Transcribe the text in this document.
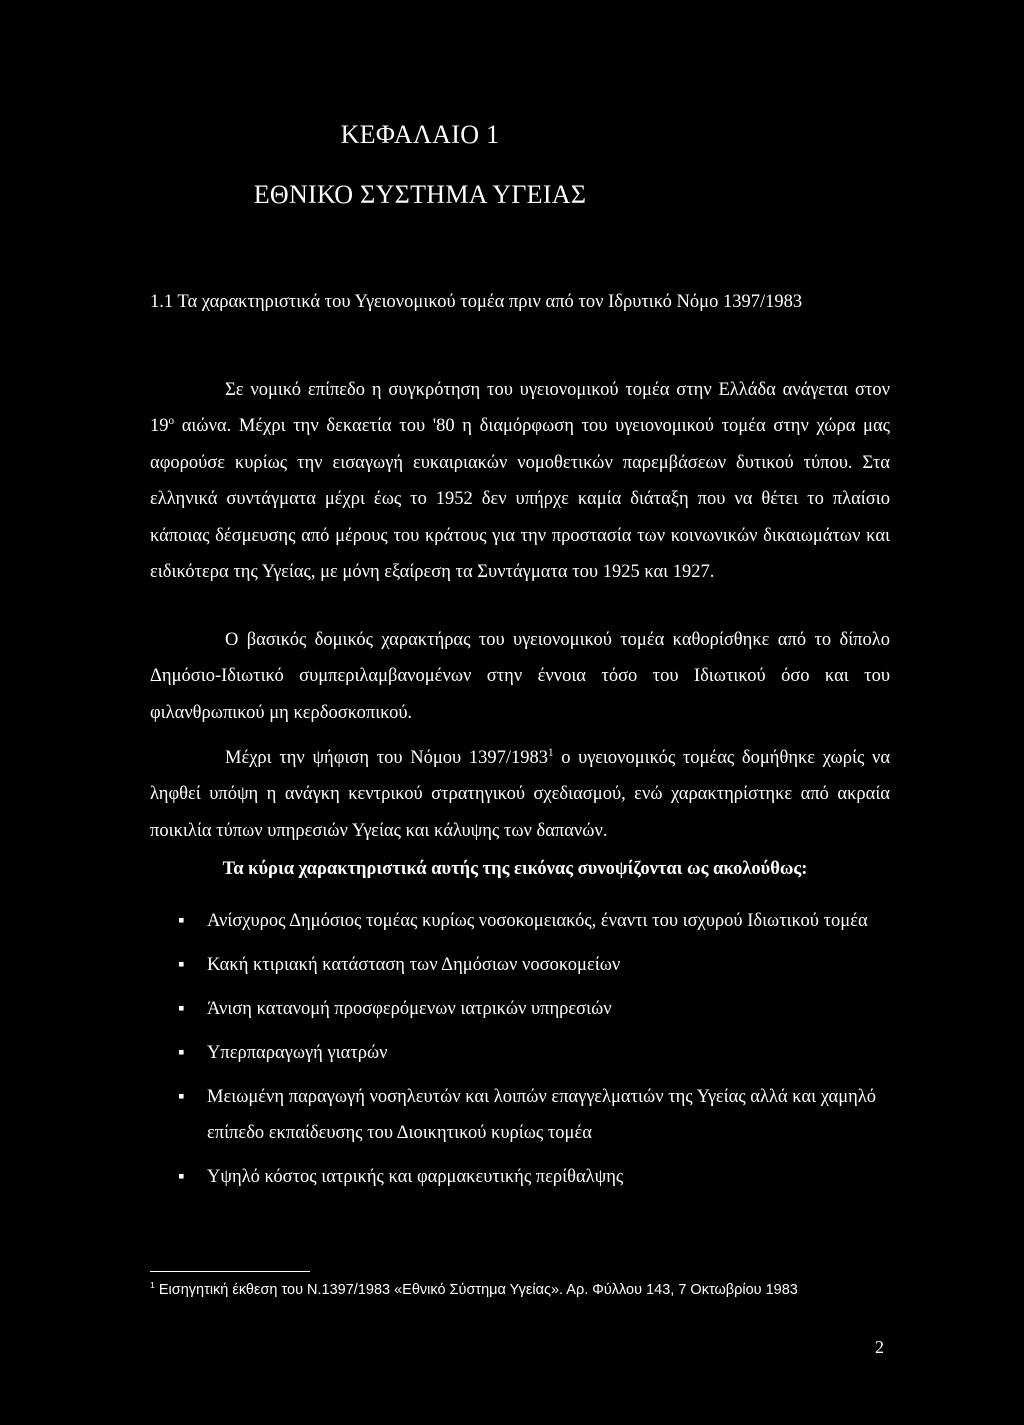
ΚΕΦΑΛΑΙΟ 1
ΕΘΝΙΚΟ ΣΥΣΤΗΜΑ ΥΓΕΙΑΣ
1.1 Τα χαρακτηριστικά του Υγειονομικού τομέα πριν από τον Ιδρυτικό Νόμο 1397/1983
Σε νομικό επίπεδο η συγκρότηση του υγειονομικού τομέα στην Ελλάδα ανάγεται στον $19^o$ αιώνα. Μέχρι την δεκαετία του '80 η διαμόρφωση του υγειονομικού τομέα στην χώρα μας αφορούσε κυρίως την εισαγωγή ευκαιριακών νομοθετικών παρεμβάσεων δυτικού τύπου. Στα ελληνικά συντάγματα μέχρι έως το 1952 δεν υπήρχε καμία διάταξη που να θέτει το πλαίσιο κάποιας δέσμευσης από μέρους του κράτους για την προστασία των κοινωνικών δικαιωμάτων και ειδικότερα της Υγείας, με μόνη εξαίρεση τα Συντάγματα του 1925 και 1927.
Ο βασικός δομικός χαρακτήρας του υγειονομικού τομέα καθορίσθηκε από το δίπολο Δημόσιο-Ιδιωτικό συμπεριλαμβανομένων στην έννοια τόσο του Ιδιωτικού όσο και του φιλανθρωπικού μη κερδοσκοπικού.
Μέχρι την ψήφιση του Νόμου 1397/1983$^1$ ο υγειονομικός τομέας δομήθηκε χωρίς να ληφθεί υπόψη η ανάγκη κεντρικού στρατηγικού σχεδιασμού, ενώ χαρακτηρίστηκε από ακραία ποικιλία τύπων υπηρεσιών Υγείας και κάλυψης των δαπανών.
Τα κύρια χαρακτηριστικά αυτής της εικόνας συνοψίζονται ως ακολούθως:
▪ Ανίσχυρος Δημόσιος τομέας κυρίως νοσοκομειακός, έναντι του ισχυρού Ιδιωτικού τομέα
▪ Κακή κτιριακή κατάσταση των Δημόσιων νοσοκομείων
▪ Άνιση κατανομή προσφερόμενων ιατρικών υπηρεσιών
▪ Υπερπαραγωγή γιατρών
▪ Μειωμένη παραγωγή νοσηλευτών και λοιπών επαγγελματιών της Υγείας αλλά και χαμηλό επίπεδο εκπαίδευσης του Διοικητικού κυρίως τομέα
▪ Υψηλό κόστος ιατρικής και φαρμακευτικής περίθαλψης
$^1$ Εισηγητική έκθεση του Ν.1397/1983 «Εθνικό Σύστημα Υγείας». Αρ. Φύλλου 143, 7 Οκτωβρίου 1983
2
